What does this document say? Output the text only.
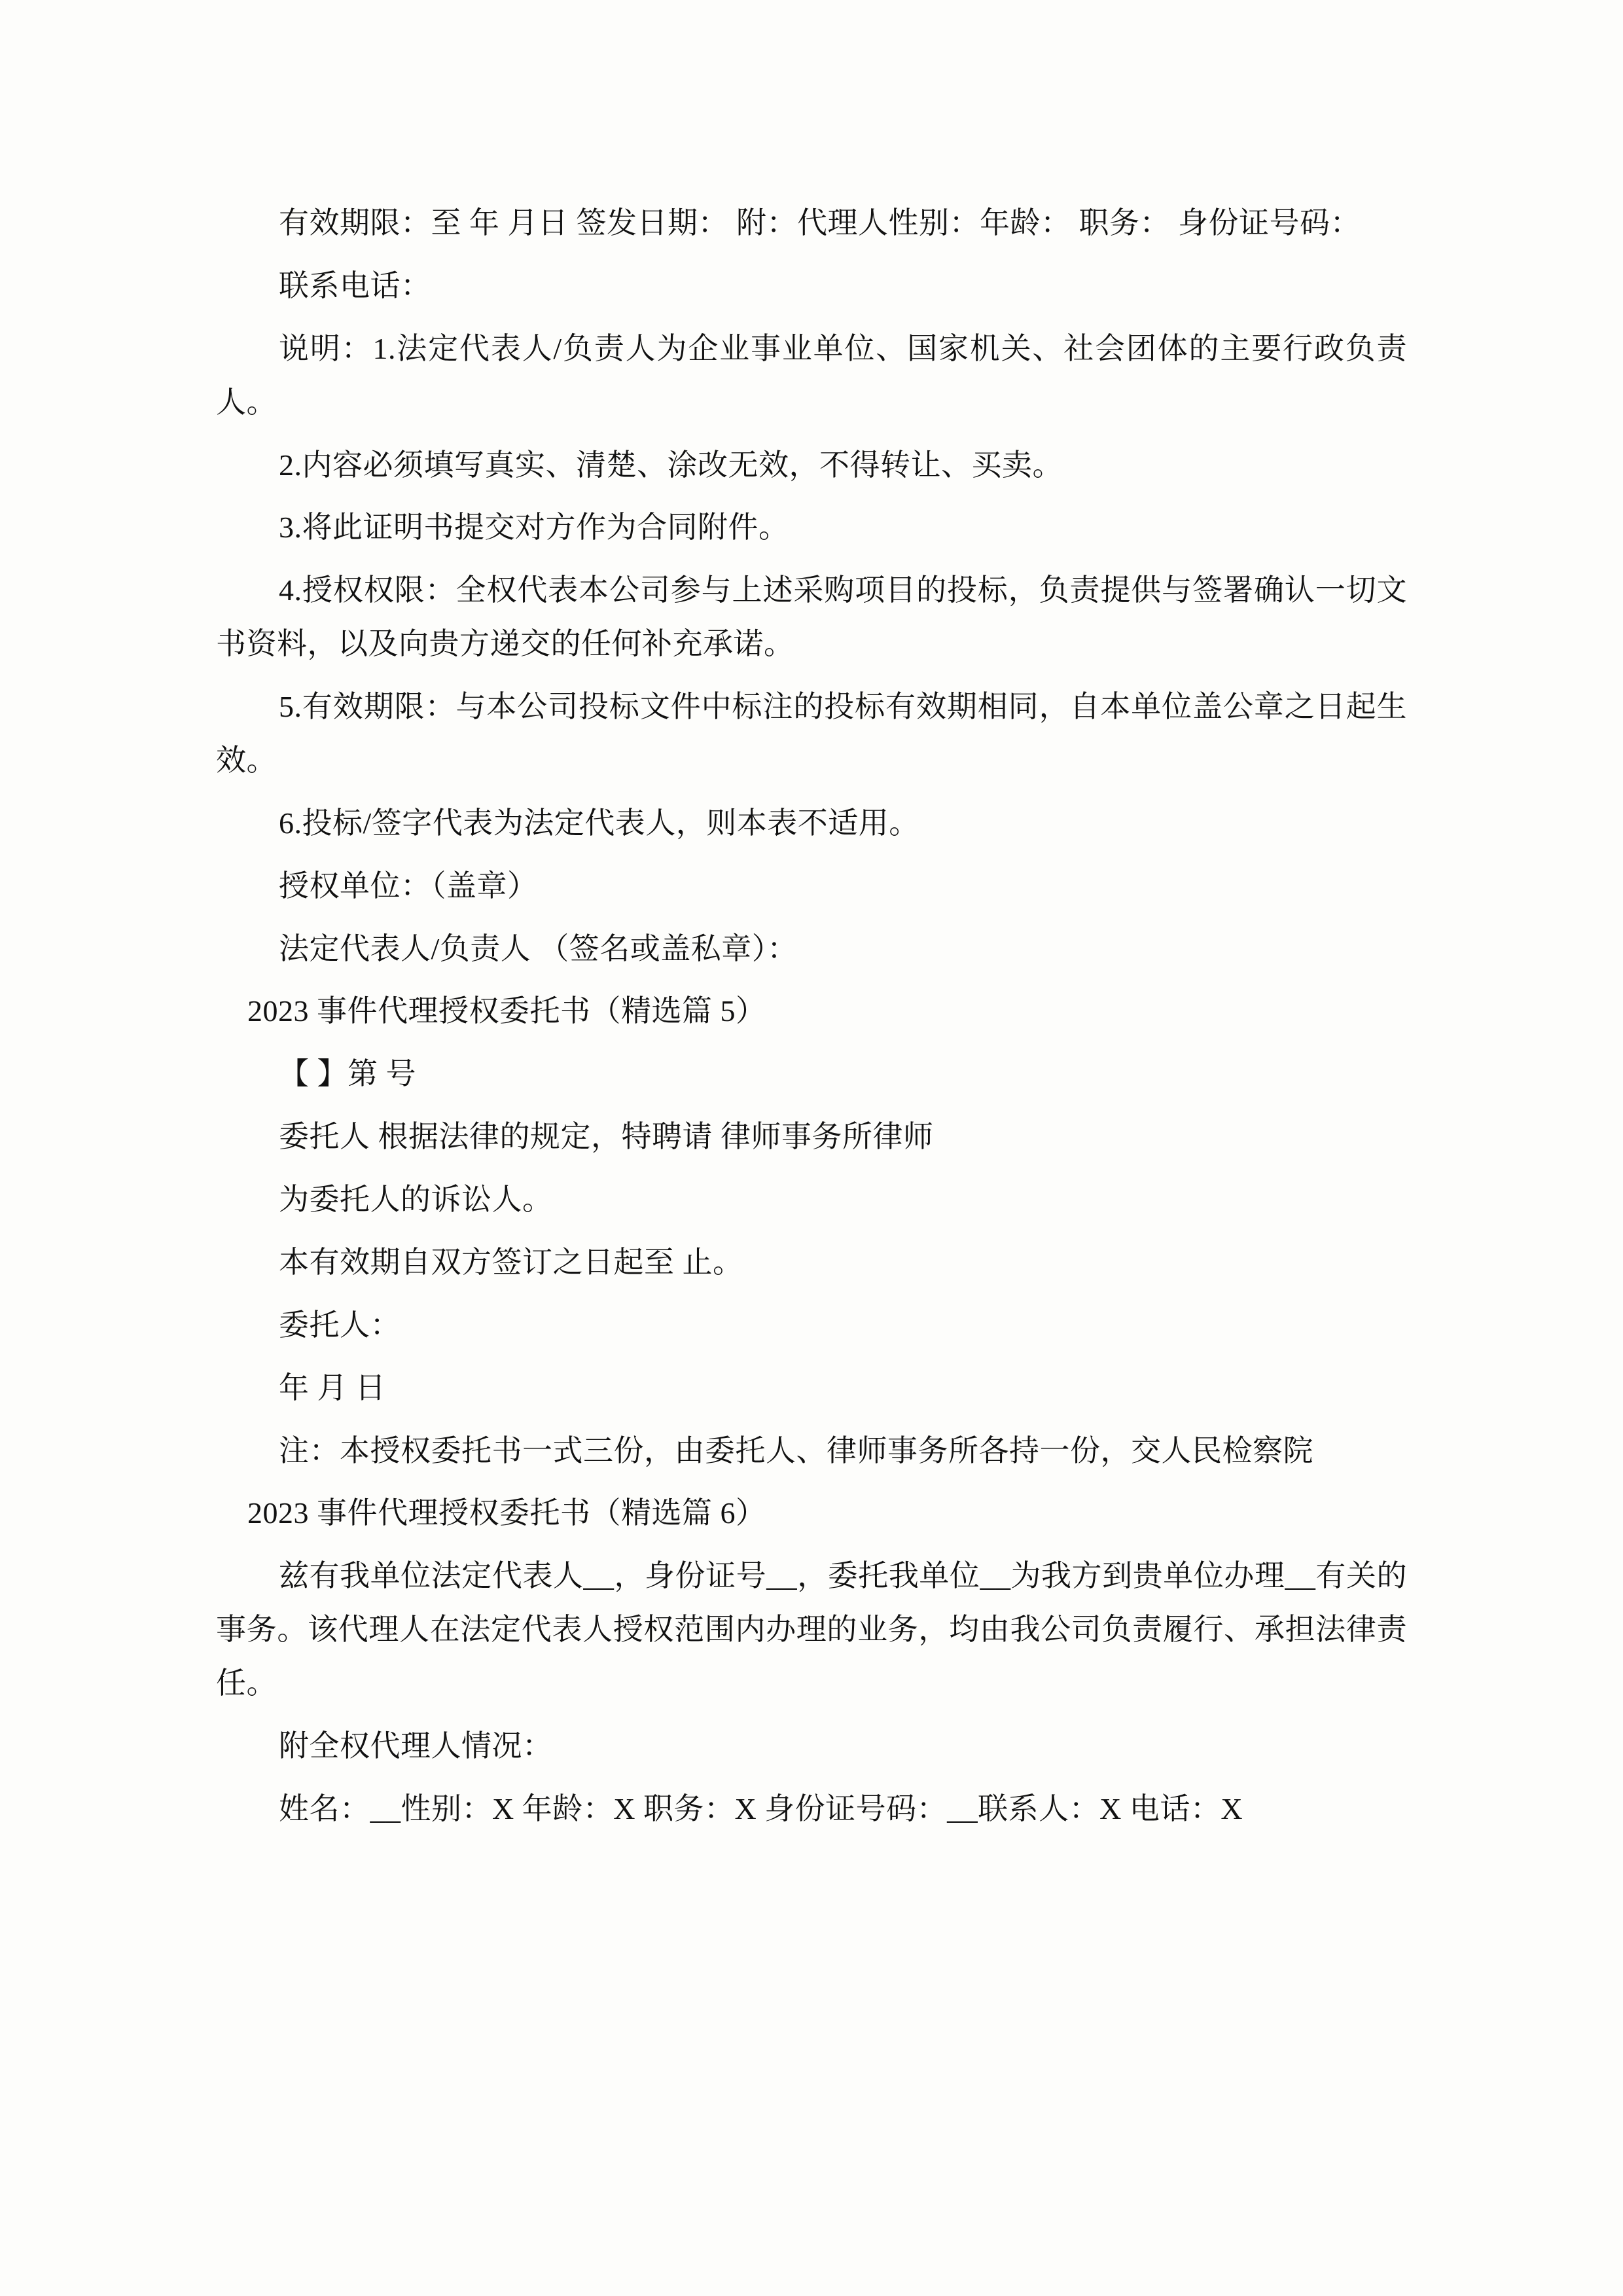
有效期限：至 年 月日 签发日期： 附：代理人性别：年龄： 职务： 身份证号码：

联系电话：

说明：1.法定代表人/负责人为企业事业单位、国家机关、社会团体的主要行政负责人。

2.内容必须填写真实、清楚、涂改无效，不得转让、买卖。

3.将此证明书提交对方作为合同附件。

4.授权权限：全权代表本公司参与上述采购项目的投标，负责提供与签署确认一切文书资料，以及向贵方递交的任何补充承诺。

5.有效期限：与本公司投标文件中标注的投标有效期相同，自本单位盖公章之日起生效。

6.投标/签字代表为法定代表人，则本表不适用。

授权单位：（盖章）

法定代表人/负责人 （签名或盖私章）：

2023 事件代理授权委托书（精选篇 5）

【 】第 号

委托人 根据法律的规定，特聘请 律师事务所律师

为委托人的诉讼人。

本有效期自双方签订之日起至 止。

委托人：

年 月 日

注：本授权委托书一式三份，由委托人、律师事务所各持一份，交人民检察院

2023 事件代理授权委托书（精选篇 6）

兹有我单位法定代表人__，身份证号__，委托我单位__为我方到贵单位办理__有关的事务。该代理人在法定代表人授权范围内办理的业务，均由我公司负责履行、承担法律责任。

附全权代理人情况：

姓名：__性别：X 年龄：X 职务：X 身份证号码：__联系人：X 电话：X
